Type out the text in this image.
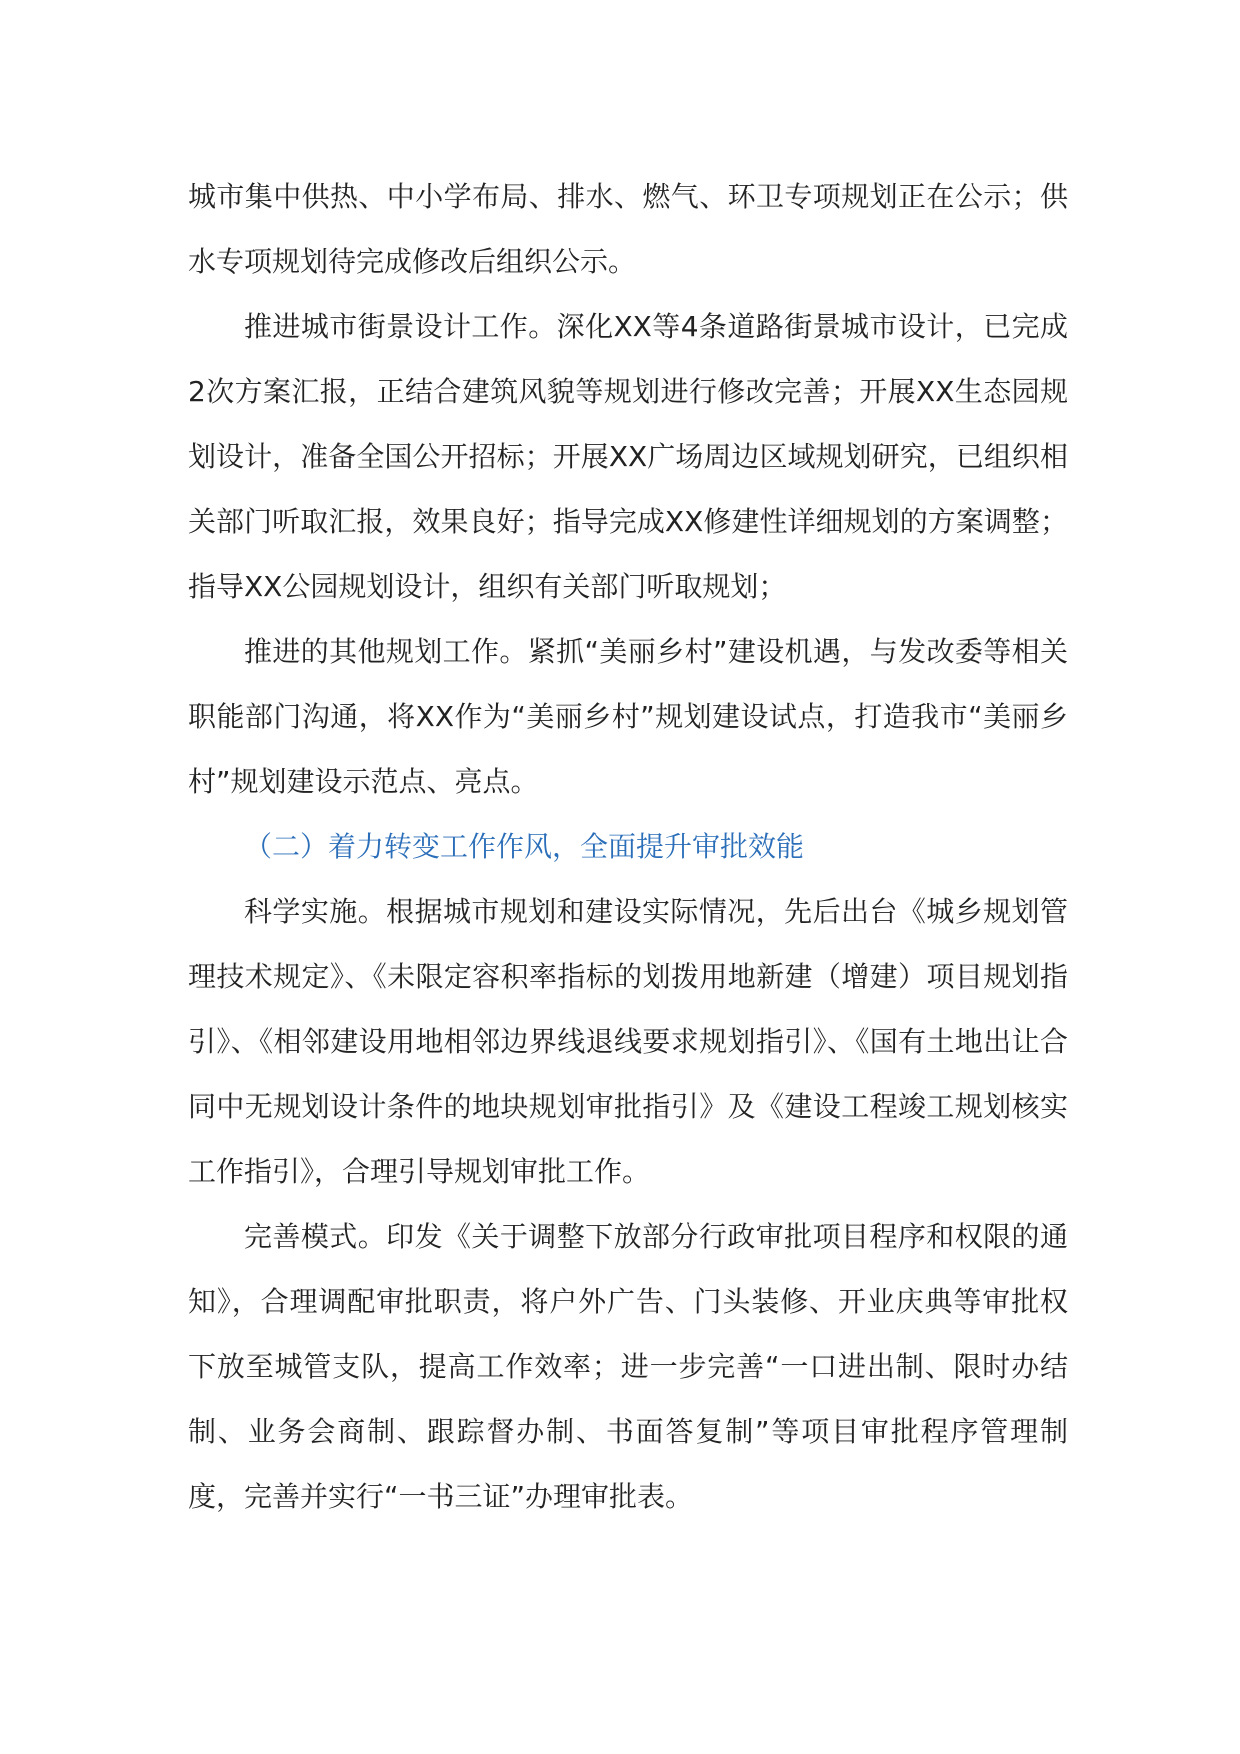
城市集中供热、中小学布局、排水、燃气、环卫专项规划正在公示；供水专项规划待完成修改后组织公示。

推进城市街景设计工作。深化XX等4条道路街景城市设计，已完成2次方案汇报，正结合建筑风貌等规划进行修改完善；开展XX生态园规划设计，准备全国公开招标；开展XX广场周边区域规划研究，已组织相关部门听取汇报，效果良好；指导完成XX修建性详细规划的方案调整；指导XX公园规划设计，组织有关部门听取规划；

推进的其他规划工作。紧抓“美丽乡村”建设机遇，与发改委等相关职能部门沟通，将XX作为“美丽乡村”规划建设试点，打造我市“美丽乡村”规划建设示范点、亮点。

（二）着力转变工作作风，全面提升审批效能

科学实施。根据城市规划和建设实际情况，先后出台《城乡规划管理技术规定》、《未限定容积率指标的划拨用地新建（增建）项目规划指引》、《相邻建设用地相邻边界线退线要求规划指引》、《国有土地出让合同中无规划设计条件的地块规划审批指引》及《建设工程竣工规划核实工作指引》，合理引导规划审批工作。

完善模式。印发《关于调整下放部分行政审批项目程序和权限的通知》，合理调配审批职责，将户外广告、门头装修、开业庆典等审批权下放至城管支队，提高工作效率；进一步完善“一口进出制、限时办结制、业务会商制、跟踪督办制、书面答复制”等项目审批程序管理制度，完善并实行“一书三证”办理审批表。
